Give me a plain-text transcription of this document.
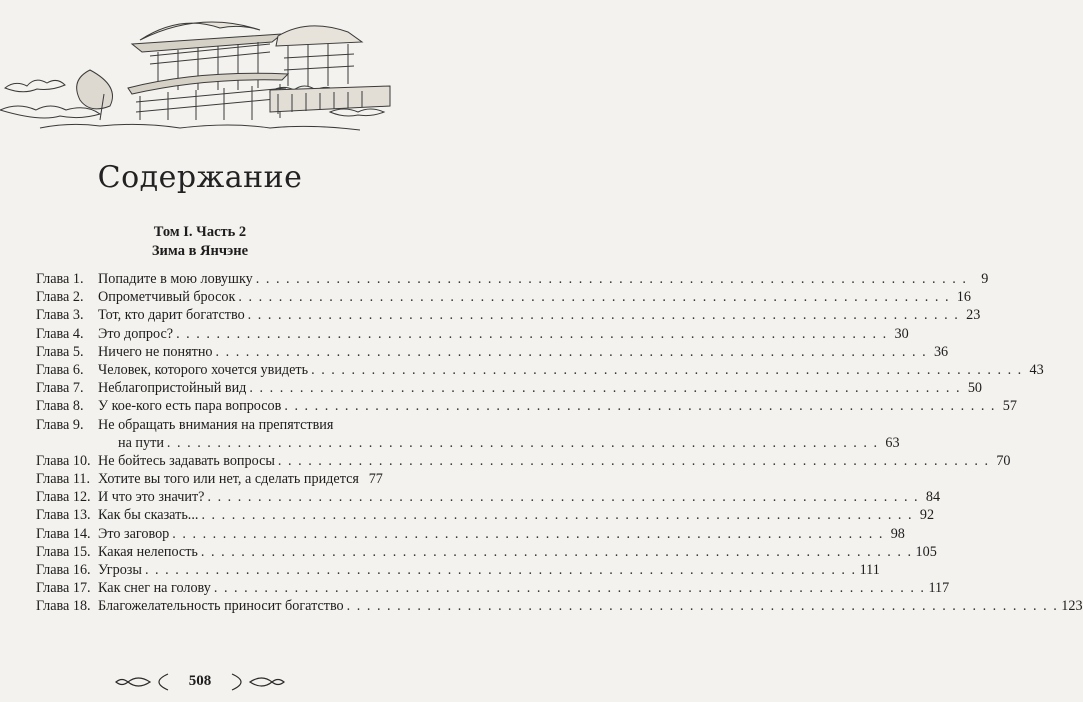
Содержание
Том I. Часть 2
Зима в Янчэне
Глава 1.	Попадите в мою ловушку . . .	9
Глава 2.	Опрометчивый бросок . . .	16
Глава 3.	Тот, кто дарит богатство . . .	23
Глава 4.	Это допрос? . . .	30
Глава 5.	Ничего не понятно . . .	36
Глава 6.	Человек, которого хочется увидеть . . .	43
Глава 7.	Неблагопристойный вид . . .	50
Глава 8.	У кое-кого есть пара вопросов . . .	57
Глава 9.	Не обращать внимания на препятствия
на пути . . .	63
Глава 10. Не бойтесь задавать вопросы . . .	70
Глава 11. Хотите вы того или нет, а сделать придется 77
Глава 12. И что это значит? . . .	84
Глава 13. Как бы сказать... . . .	92
Глава 14. Это заговор . . .	98
Глава 15. Какая нелепость . . .	105
Глава 16. Угрозы . . .	111
Глава 17. Как снег на голову . . .	117
Глава 18. Благожелательность приносит богатство . . .	123
508
